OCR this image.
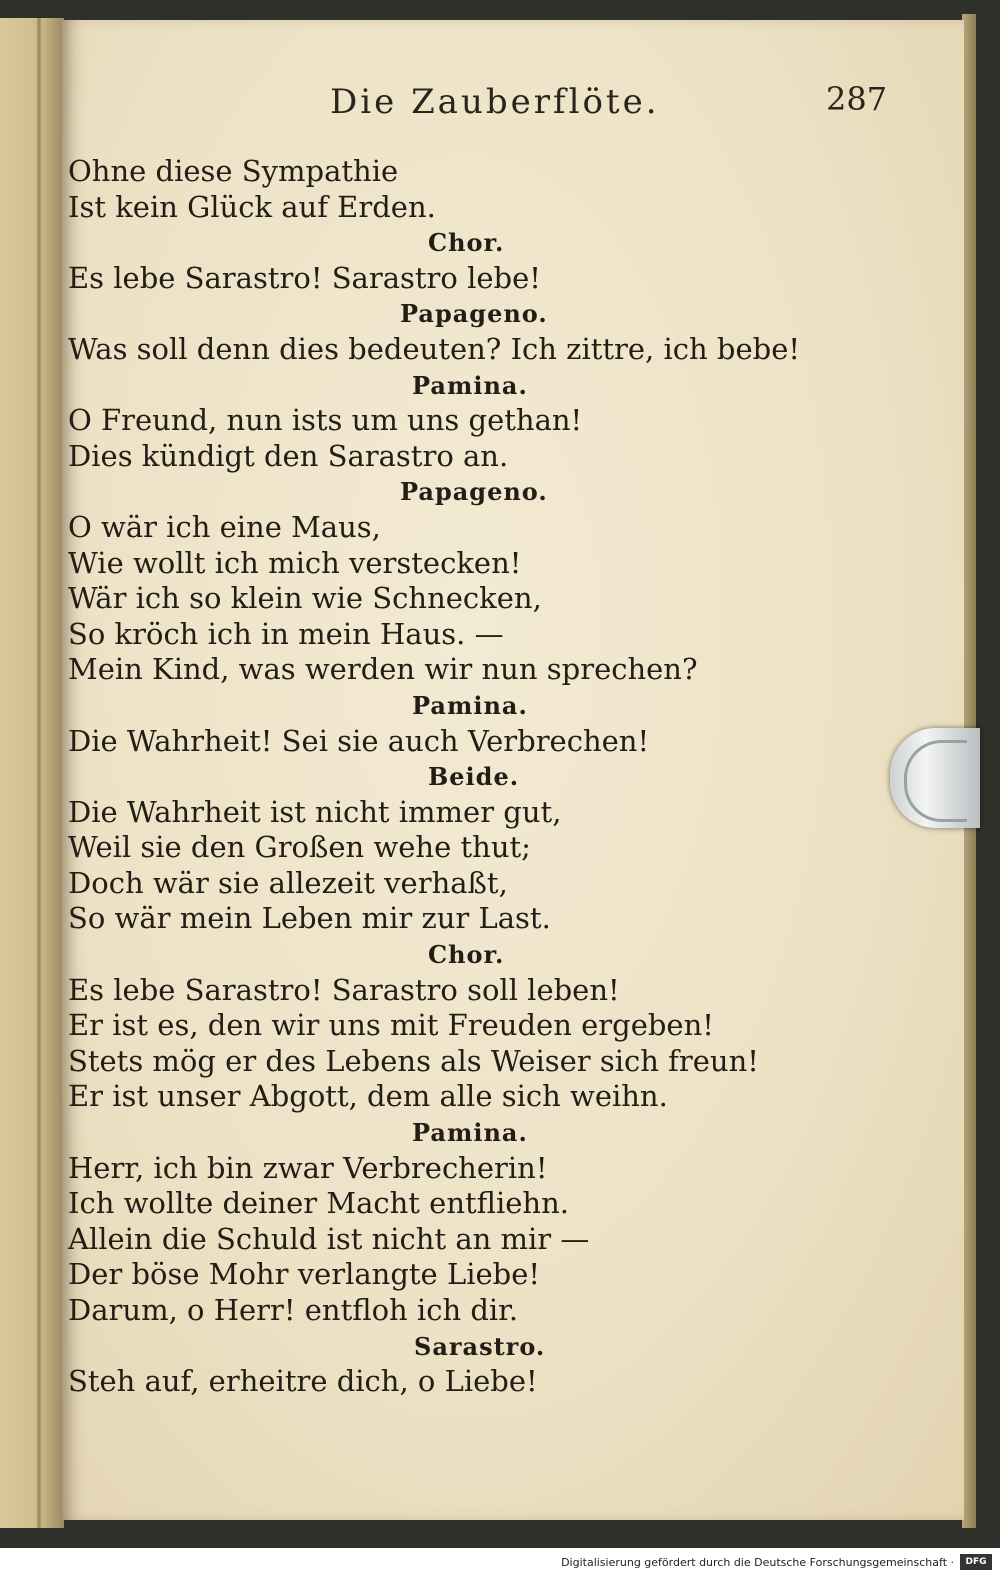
Die Zauberflöte.	287
Ohne diese Sympathie
Ist kein Glück auf Erden.
Chor.
Es lebe Sarastro! Sarastro lebe!
Papageno.
Was soll denn dies bedeuten? Ich zittre, ich bebe!
Pamina.
O Freund, nun ists um uns gethan!
Dies kündigt den Sarastro an.
Papageno.
O wär ich eine Maus,
Wie wollt ich mich verstecken!
Wär ich so klein wie Schnecken,
So kröch ich in mein Haus. —
Mein Kind, was werden wir nun sprechen?
Pamina.
Die Wahrheit! Sei sie auch Verbrechen!
Beide.
Die Wahrheit ist nicht immer gut,
Weil sie den Großen wehe thut;
Doch wär sie allezeit verhaßt,
So wär mein Leben mir zur Last.
Chor.
Es lebe Sarastro! Sarastro soll leben!
Er ist es, den wir uns mit Freuden ergeben!
Stets mög er des Lebens als Weiser sich freun!
Er ist unser Abgott, dem alle sich weihn.
Pamina.
Herr, ich bin zwar Verbrecherin!
Ich wollte deiner Macht entfliehn.
Allein die Schuld ist nicht an mir —
Der böse Mohr verlangte Liebe!
Darum, o Herr! entfloh ich dir.
Sarastro.
Steh auf, erheitre dich, o Liebe!
Digitalisierung gefördert durch die Deutsche Forschungsgemeinschaft ·	DFG
